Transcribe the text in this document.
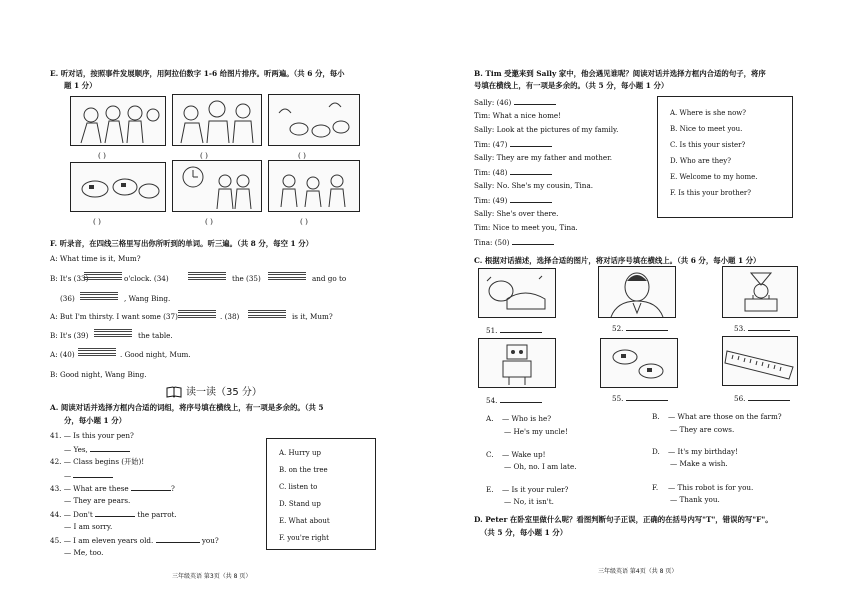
E. 听对话，按照事件发展顺序，用阿拉伯数字 1-6 给图片排序。听两遍。（共 6 分，每小
题 1 分）
( )	( )	( )
( )	( )	( )
F. 听录音，在四线三格里写出你所听到的单词。听三遍。（共 8 分，每空 1 分）
A: What time is it, Mum?
B: It's (33)	o'clock. (34)	the (35)	and go to
(36)	, Wang Bing.
A: But I'm thirsty. I want some (37)	. (38)	is it, Mum?
B: It's (39)	the table.
A: (40)	. Good night, Mum.
B: Good night, Wang Bing.
读一读（35 分）
A. 阅读对话并选择方框内合适的词组，将序号填在横线上，有一项是多余的。（共 5
分，每小题 1 分）
41. — Is this your pen?
— Yes,
42. — Class begins (开始)!
—
43. — What are these	?
— They are pears.
44. — Don't	the parrot.
— I am sorry.
45. — I am eleven years old.	you?
— Me, too.
A. Hurry up
B. on the tree
C. listen to
D. Stand up
E. What about
F. you're right
三年级英语 第3页（共 8 页）
B. Tim 受邀来到 Sally 家中，他会遇见谁呢？阅读对话并选择方框内合适的句子，将序
号填在横线上，有一项是多余的。（共 5 分，每小题 1 分）
Sally: (46)
Tim: What a nice home!
Sally: Look at the pictures of my family.
Tim: (47)
Sally: They are my father and mother.
Tim: (48)
Sally: No. She's my cousin, Tina.
Tim: (49)
Sally: She's over there.
Tim: Nice to meet you, Tina.
Tina: (50)
A. Where is she now?
B. Nice to meet you.
C. Is this your sister?
D. Who are they?
E. Welcome to my home.
F. Is this your brother?
C. 根据对话描述，选择合适的图片，将对话序号填在横线上。（共 6 分，每小题 1 分）
51.	52.	53.
54.	55.	56.
A. — Who is he?
— He's my uncle!
B. — What are those on the farm?
— They are cows.
C. — Wake up!
— Oh, no. I am late.
D. — It's my birthday!
— Make a wish.
E. — Is it your ruler?
— No, it isn't.
F. — This robot is for you.
— Thank you.
D. Peter 在卧室里做什么呢？看图判断句子正误，正确的在括号内写"T"，错误的写"F"。
（共 5 分，每小题 1 分）
三年级英语 第4页（共 8 页）
